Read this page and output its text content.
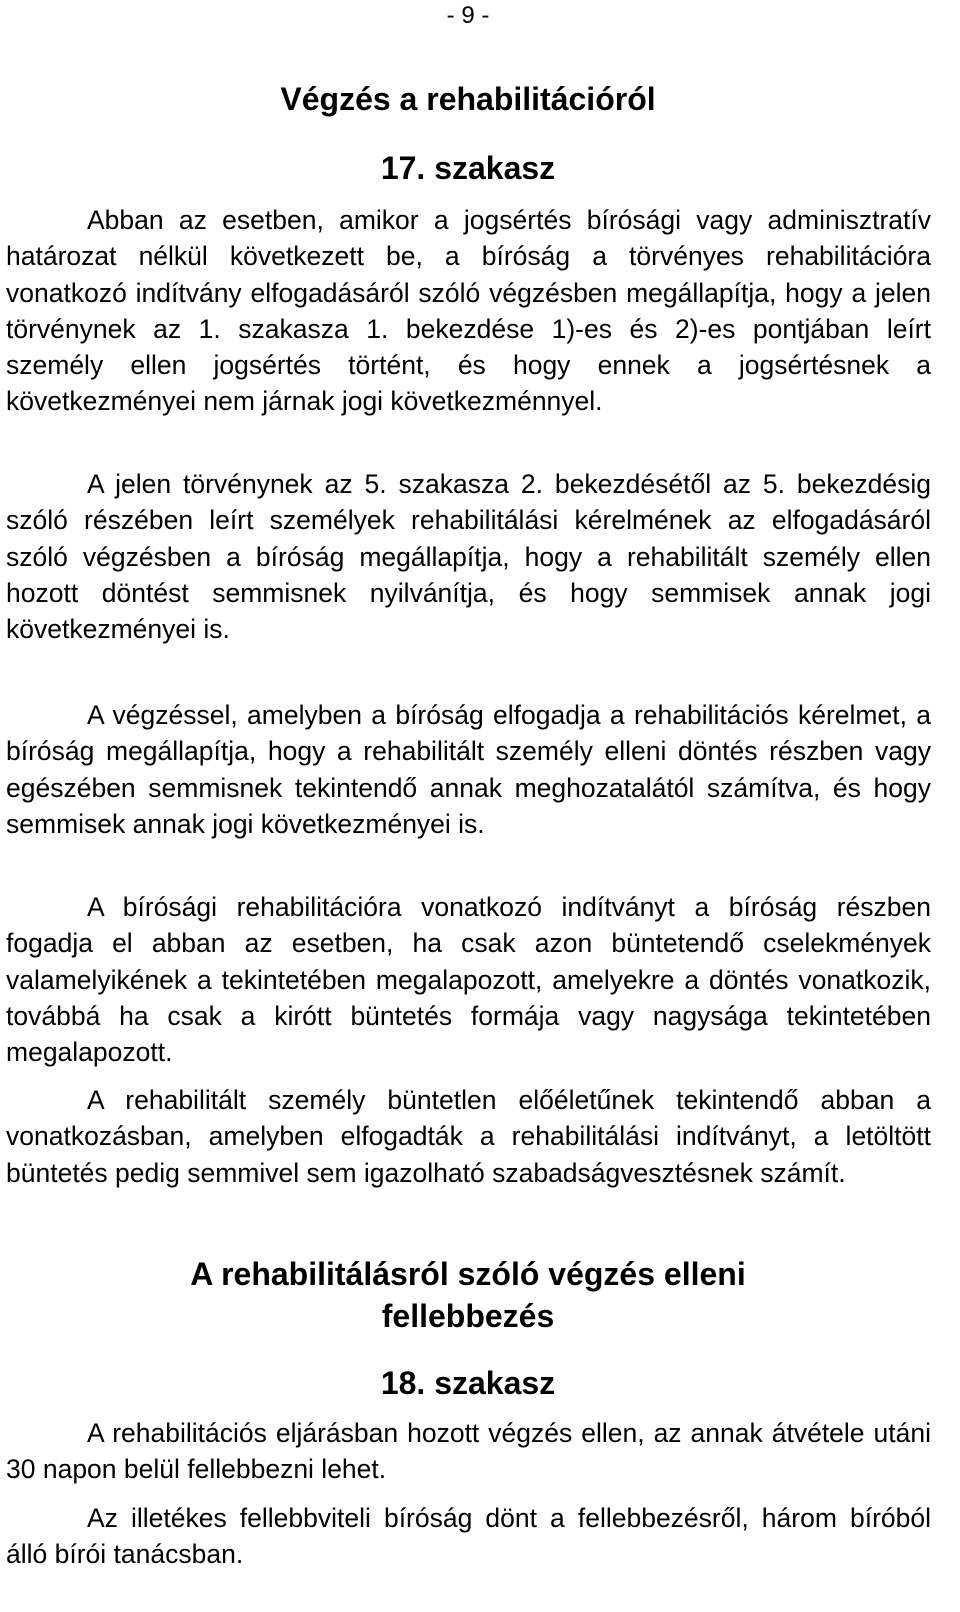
- 9 -
Végzés a rehabilitációról
17. szakasz

Abban az esetben, amikor a jogsértés bírósági vagy adminisztratív határozat nélkül következett be, a bíróság a törvényes rehabilitációra vonatkozó indítvány elfogadásáról szóló végzésben megállapítja, hogy a jelen törvénynek az 1. szakasza 1. bekezdése 1)-es és 2)-es pontjában leírt személy ellen jogsértés történt, és hogy ennek a jogsértésnek a következményei nem járnak jogi következménnyel.

A jelen törvénynek az 5. szakasza 2. bekezdésétől az 5. bekezdésig szóló részében leírt személyek rehabilitálási kérelmének az elfogadásáról szóló végzésben a bíróság megállapítja, hogy a rehabilitált személy ellen hozott döntést semmisnek nyilvánítja, és hogy semmisek annak jogi következményei is.

A végzéssel, amelyben a bíróság elfogadja a rehabilitációs kérelmet, a bíróság megállapítja, hogy a rehabilitált személy elleni döntés részben vagy egészében semmisnek tekintendő annak meghozatalától számítva, és hogy semmisek annak jogi következményei is.

A bírósági rehabilitációra vonatkozó indítványt a bíróság részben fogadja el abban az esetben, ha csak azon büntetendő cselekmények valamelyikének a tekintetében megalapozott, amelyekre a döntés vonatkozik, továbbá ha csak a kirótt büntetés formája vagy nagysága tekintetében megalapozott.

A rehabilitált személy büntetlen előéletűnek tekintendő abban a vonatkozásban, amelyben elfogadták a rehabilitálási indítványt, a letöltött büntetés pedig semmivel sem igazolható szabadságvesztésnek számít.

A rehabilitálásról szóló végzés elleni fellebbezés
18. szakasz

A rehabilitációs eljárásban hozott végzés ellen, az annak átvétele utáni 30 napon belül fellebbezni lehet.

Az illetékes fellebbviteli bíróság dönt a fellebbezésről, három bíróból álló bírói tanácsban.
